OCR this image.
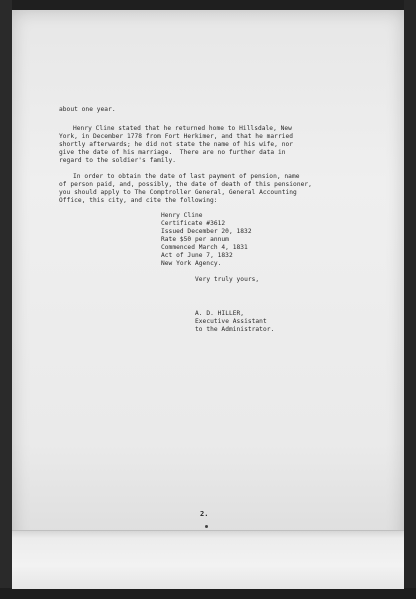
about one year.
Henry Cline stated that he returned home to Hillsdale, New
York, in December 1778 from Fort Herkimer, and that he married
shortly afterwards; he did not state the name of his wife, nor
give the date of his marriage.  There are no further data in
regard to the soldier's family.
In order to obtain the date of last payment of pension, name
of person paid, and, possibly, the date of death of this pensioner,
you should apply to The Comptroller General, General Accounting
Office, this city, and cite the following:
Henry Cline
Certificate #3612
Issued December 20, 1832
Rate $50 per annum
Commenced March 4, 1831
Act of June 7, 1832
New York Agency.
Very truly yours,
A. D. HILLER,
Executive Assistant
to the Administrator.
2.
